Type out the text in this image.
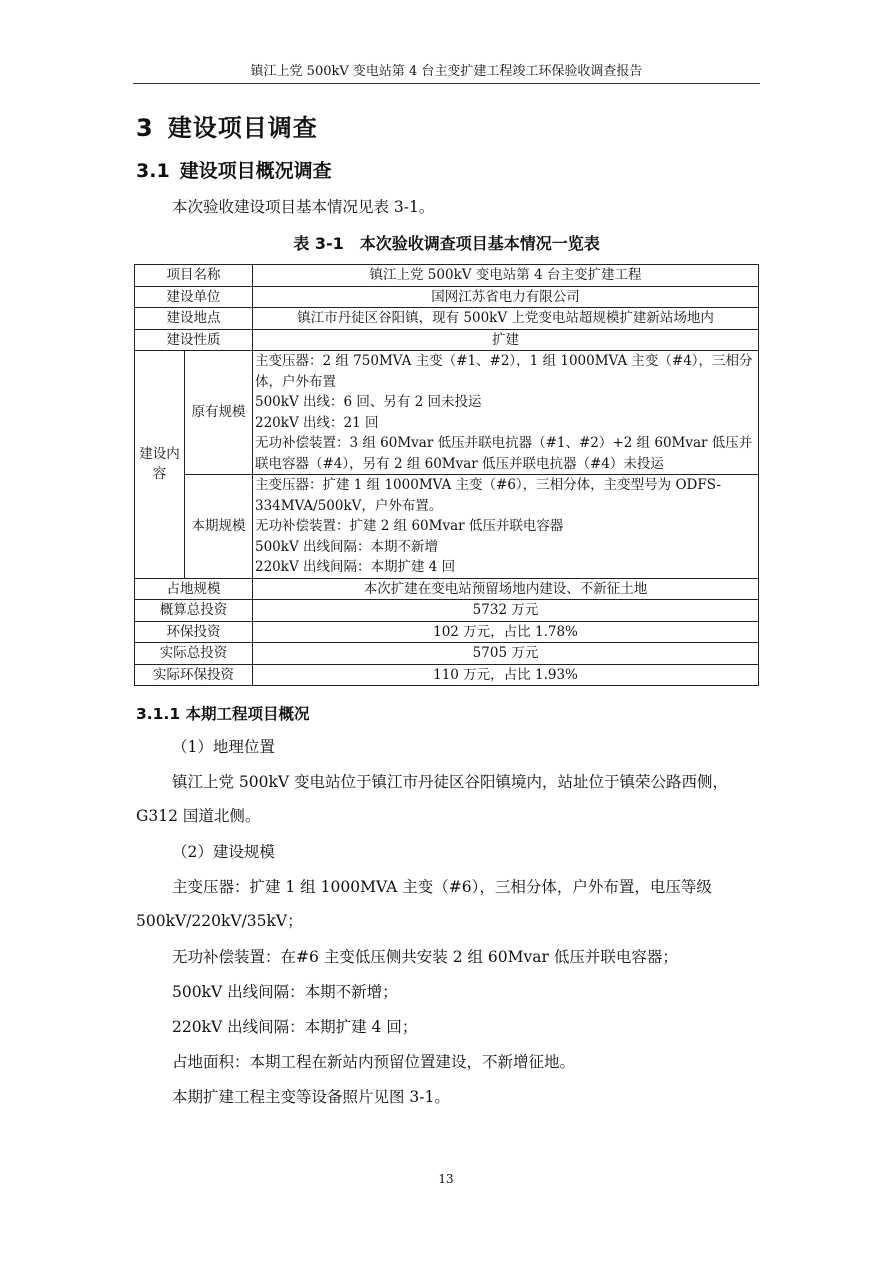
镇江上党 500kV 变电站第 4 台主变扩建工程竣工环保验收调查报告
3 建设项目调查
3.1 建设项目概况调查
本次验收建设项目基本情况见表 3-1。
表 3-1 本次验收调查项目基本情况一览表
项目名称		镇江上党 500kV 变电站第 4 台主变扩建工程
建设单位		国网江苏省电力有限公司
建设地点		镇江市丹徒区谷阳镇，现有 500kV 上党变电站超规模扩建新站场地内
建设性质		扩建
建设内容	原有规模	主变压器：2 组 750MVA 主变（#1、#2），1 组 1000MVA 主变（#4），三相分体，户外布置
500kV 出线：6 回、另有 2 回未投运
220kV 出线：21 回
无功补偿装置：3 组 60Mvar 低压并联电抗器（#1、#2）+2 组 60Mvar 低压并联电容器（#4），另有 2 组 60Mvar 低压并联电抗器（#4）未投运

	本期规模	主变压器：扩建 1 组 1000MVA 主变（#6），三相分体，主变型号为 ODFS-334MVA/500kV，户外布置。
无功补偿装置：扩建 2 组 60Mvar 低压并联电容器
500kV 出线间隔：本期不新增
220kV 出线间隔：本期扩建 4 回

占地规模		本次扩建在变电站预留场地内建设、不新征土地
概算总投资		5732 万元
环保投资		102 万元，占比 1.78%
实际总投资		5705 万元
实际环保投资		110 万元，占比 1.93%
3.1.1 本期工程项目概况
（1）地理位置
镇江上党 500kV 变电站位于镇江市丹徒区谷阳镇境内，站址位于镇荣公路西侧，G312 国道北侧。
（2）建设规模
主变压器：扩建 1 组 1000MVA 主变（#6），三相分体，户外布置，电压等级 500kV/220kV/35kV；
无功补偿装置：在#6 主变低压侧共安装 2 组 60Mvar 低压并联电容器；
500kV 出线间隔：本期不新增；
220kV 出线间隔：本期扩建 4 回；
占地面积：本期工程在新站内预留位置建设，不新增征地。
本期扩建工程主变等设备照片见图 3-1。
13
